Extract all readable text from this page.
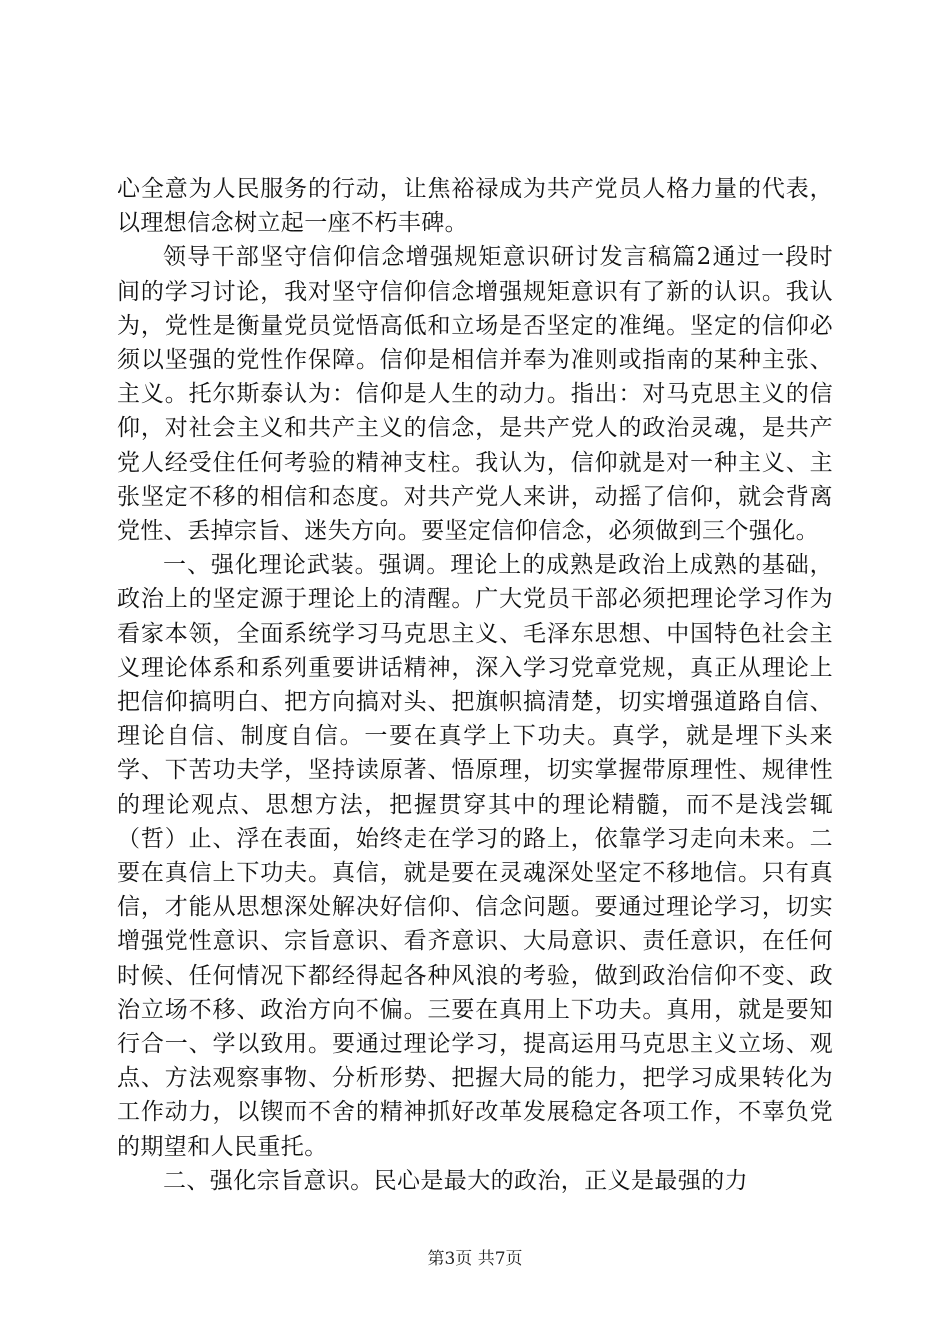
心全意为人民服务的行动，让焦裕禄成为共产党员人格力量的代表，以理想信念树立起一座不朽丰碑。

领导干部坚守信仰信念增强规矩意识研讨发言稿篇2通过一段时间的学习讨论，我对坚守信仰信念增强规矩意识有了新的认识。我认为，党性是衡量党员觉悟高低和立场是否坚定的准绳。坚定的信仰必须以坚强的党性作保障。信仰是相信并奉为准则或指南的某种主张、主义。托尔斯泰认为：信仰是人生的动力。指出：对马克思主义的信仰，对社会主义和共产主义的信念，是共产党人的政治灵魂，是共产党人经受住任何考验的精神支柱。我认为，信仰就是对一种主义、主张坚定不移的相信和态度。对共产党人来讲，动摇了信仰，就会背离党性、丢掉宗旨、迷失方向。要坚定信仰信念，必须做到三个强化。

一、强化理论武装。强调。理论上的成熟是政治上成熟的基础，政治上的坚定源于理论上的清醒。广大党员干部必须把理论学习作为看家本领，全面系统学习马克思主义、毛泽东思想、中国特色社会主义理论体系和系列重要讲话精神，深入学习党章党规，真正从理论上把信仰搞明白、把方向搞对头、把旗帜搞清楚，切实增强道路自信、理论自信、制度自信。一要在真学上下功夫。真学，就是埋下头来学、下苦功夫学，坚持读原著、悟原理，切实掌握带原理性、规律性的理论观点、思想方法，把握贯穿其中的理论精髓，而不是浅尝辄（哲）止、浮在表面，始终走在学习的路上，依靠学习走向未来。二要在真信上下功夫。真信，就是要在灵魂深处坚定不移地信。只有真信，才能从思想深处解决好信仰、信念问题。要通过理论学习，切实增强党性意识、宗旨意识、看齐意识、大局意识、责任意识，在任何时候、任何情况下都经得起各种风浪的考验，做到政治信仰不变、政治立场不移、政治方向不偏。三要在真用上下功夫。真用，就是要知行合一、学以致用。要通过理论学习，提高运用马克思主义立场、观点、方法观察事物、分析形势、把握大局的能力，把学习成果转化为工作动力，以锲而不舍的精神抓好改革发展稳定各项工作，不辜负党的期望和人民重托。

二、强化宗旨意识。民心是最大的政治，正义是最强的力

第3页 共7页
